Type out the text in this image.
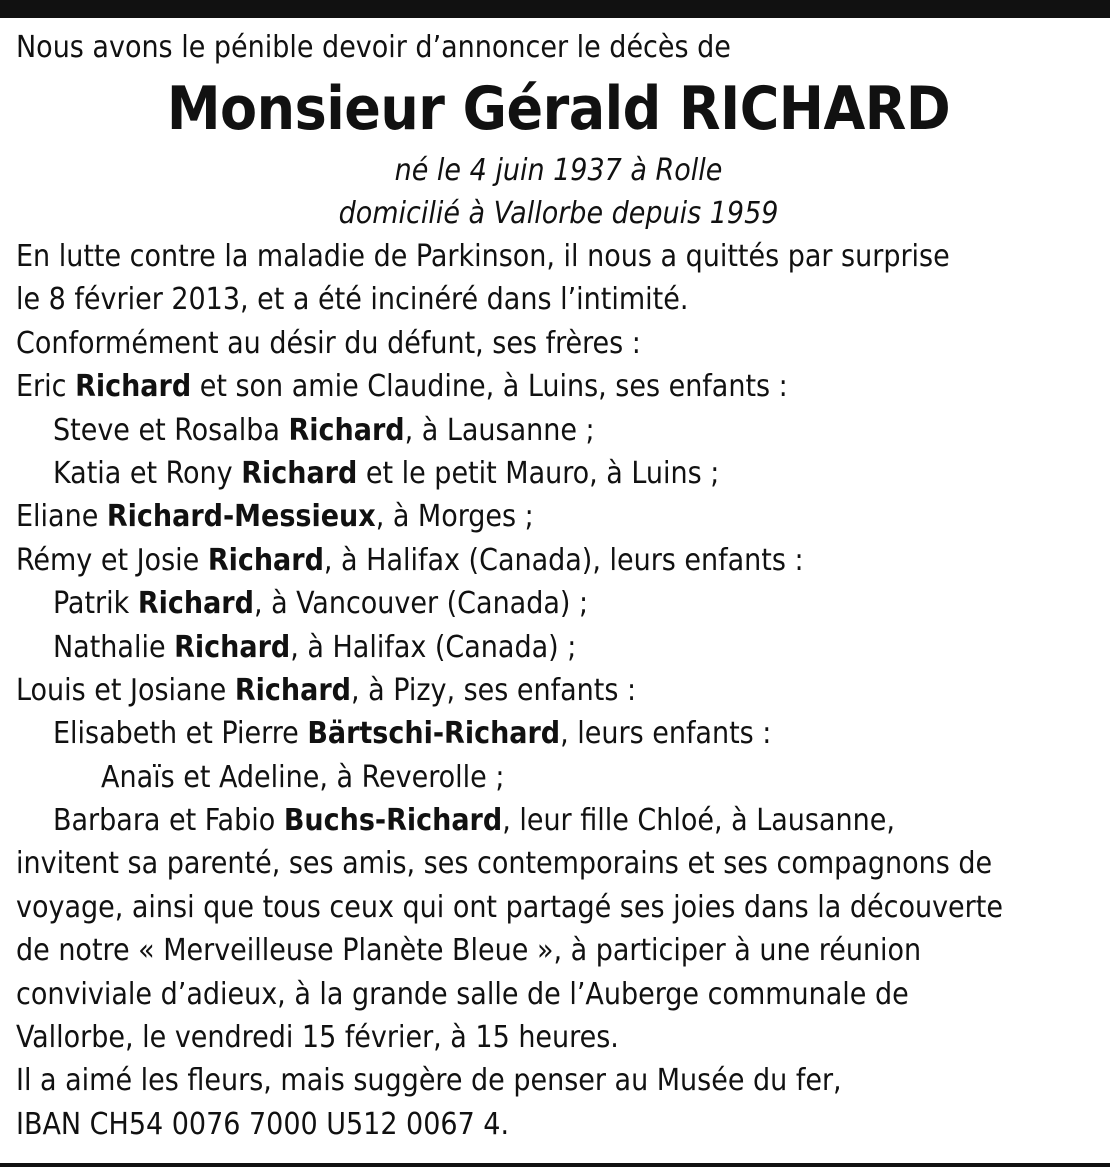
Nous avons le pénible devoir d’annoncer le décès de
Monsieur Gérald RICHARD
né le 4 juin 1937 à Rolle
domicilié à Vallorbe depuis 1959
En lutte contre la maladie de Parkinson, il nous a quittés par surprise
le 8 février 2013, et a été incinéré dans l’intimité.
Conformément au désir du défunt, ses frères :
Eric Richard et son amie Claudine, à Luins, ses enfants :
Steve et Rosalba Richard, à Lausanne ;
Katia et Rony Richard et le petit Mauro, à Luins ;
Eliane Richard-Messieux, à Morges ;
Rémy et Josie Richard, à Halifax (Canada), leurs enfants :
Patrik Richard, à Vancouver (Canada) ;
Nathalie Richard, à Halifax (Canada) ;
Louis et Josiane Richard, à Pizy, ses enfants :
Elisabeth et Pierre Bärtschi-Richard, leurs enfants :
Anaïs et Adeline, à Reverolle ;
Barbara et Fabio Buchs-Richard, leur fille Chloé, à Lausanne,
invitent sa parenté, ses amis, ses contemporains et ses compagnons de
voyage, ainsi que tous ceux qui ont partagé ses joies dans la découverte
de notre « Merveilleuse Planète Bleue », à participer à une réunion
conviviale d’adieux, à la grande salle de l’Auberge communale de
Vallorbe, le vendredi 15 février, à 15 heures.
Il a aimé les fleurs, mais suggère de penser au Musée du fer,
IBAN CH54 0076 7000 U512 0067 4.
